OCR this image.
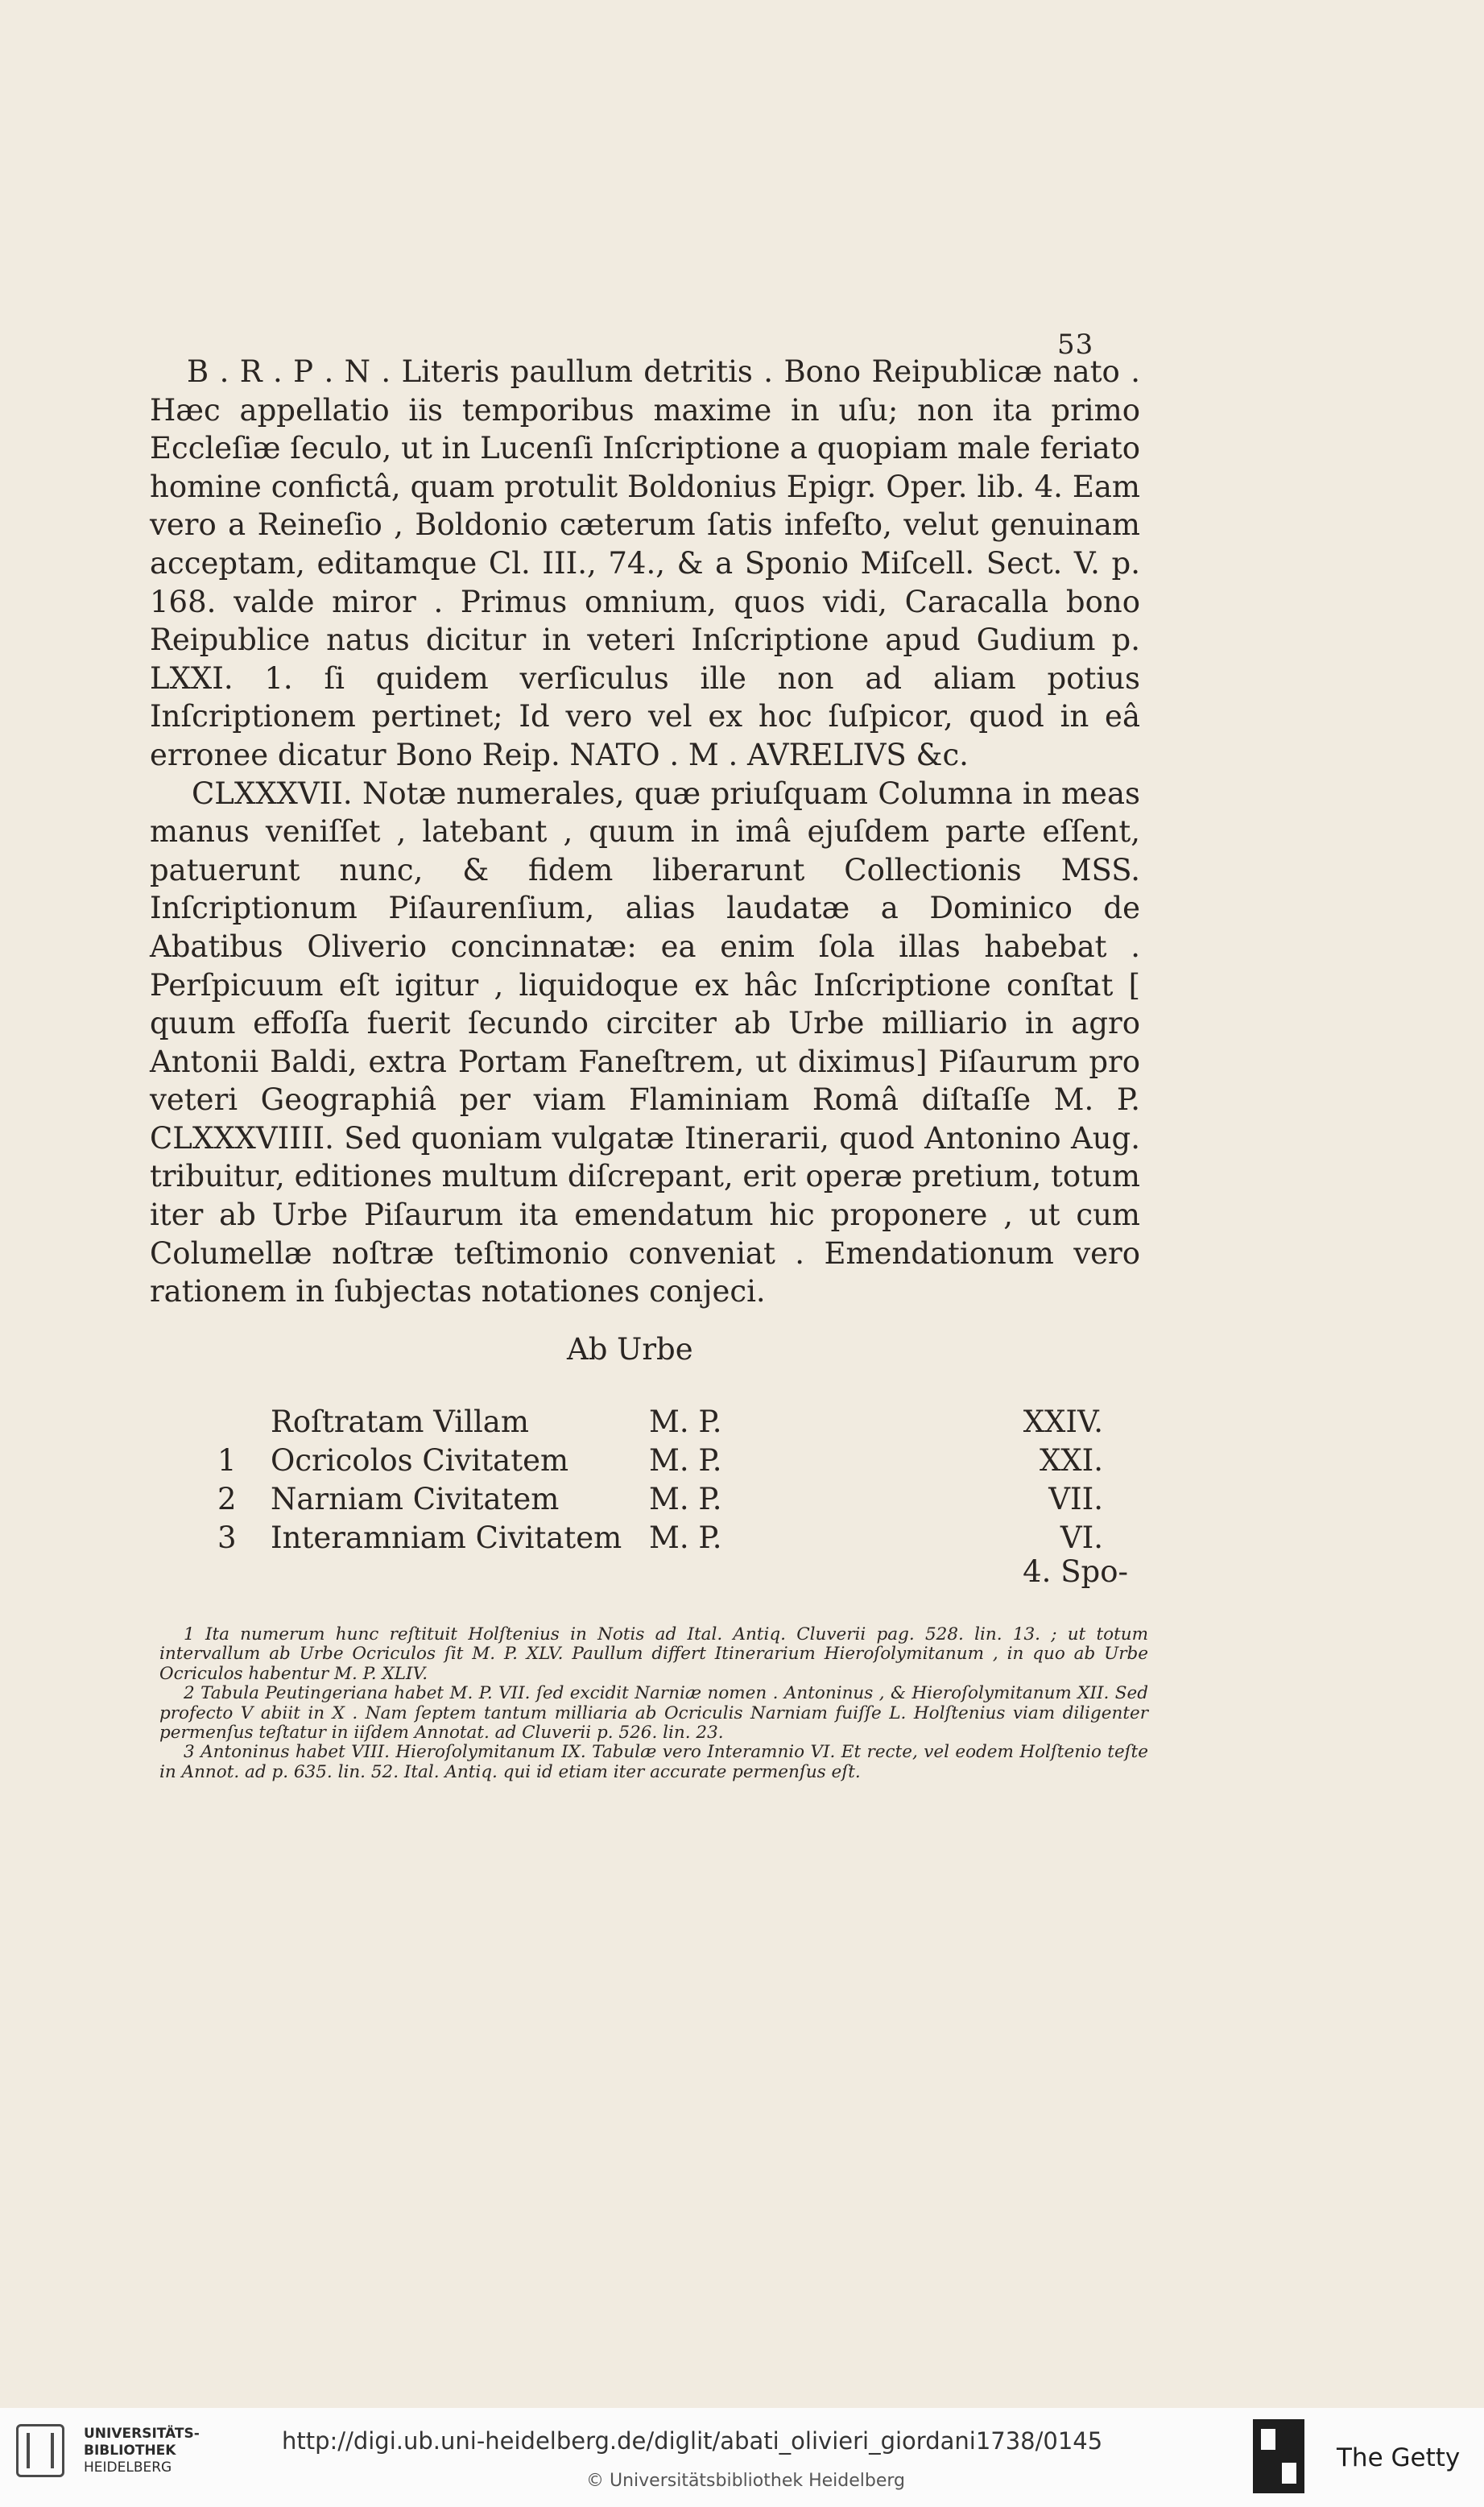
53

B . R . P . N . Literis paullum detritis . Bono Reipublicæ nato . Hæc appellatio iis temporibus maxime in uſu; non ita primo Eccleſiæ ſeculo, ut in Lucenſi Inſcriptione a quopiam male feriato homine confictâ, quam protulit Boldonius Epigr. Oper. lib. 4. Eam vero a Reineſio , Boldonio cæterum ſatis infeſto, velut genuinam acceptam, editamque Cl. III., 74., & a Sponio Miſcell. Sect. V. p. 168. valde miror . Primus omnium, quos vidi, Caracalla bono Reipublice natus dicitur in veteri Inſcriptione apud Gudium p. LXXI. 1. ſi quidem verſiculus ille non ad aliam potius Inſcriptionem pertinet; Id vero vel ex hoc ſuſpicor, quod in eâ erronee dicatur Bono Reip. NATO . M . AVRELIVS &c.

CLXXXVII. Notæ numerales, quæ priuſquam Columna in meas manus veniſſet , latebant , quum in imâ ejuſdem parte eſſent, patuerunt nunc, & fidem liberarunt Collectionis MSS. Inſcriptionum Piſaurenſium, alias laudatæ a Dominico de Abatibus Oliverio concinnatæ: ea enim ſola illas habebat . Perſpicuum eſt igitur , liquidoque ex hâc Inſcriptione conſtat [ quum effoſſa fuerit ſecundo circiter ab Urbe milliario in agro Antonii Baldi, extra Portam Faneſtrem, ut diximus] Piſaurum pro veteri Geographiâ per viam Flaminiam Româ diſtaſſe M. P. CLXXXVIIII. Sed quoniam vulgatæ Itinerarii, quod Antonino Aug. tribuitur, editiones multum diſcrepant, erit operæ pretium, totum iter ab Urbe Piſaurum ita emendatum hic proponere , ut cum Columellæ noſtræ teſtimonio conveniat . Emendationum vero rationem in ſubjectas notationes conjeci.

Ab Urbe
Roſtratam Villam	M. P.	XXIV.
1 Ocricolos Civitatem	M. P.	XXI.
2 Narniam Civitatem	M. P.	VII.
3 Interamniam Civitatem M. P.	VI.
4. Spo-

1 Ita numerum hunc reſtituit Holſtenius in Notis ad Ital. Antiq. Cluverii pag. 528. lin. 13. ; ut totum intervallum ab Urbe Ocriculos ſit M. P. XLV. Paullum differt Itinerarium Hieroſolymitanum , in quo ab Urbe Ocriculos habentur M. P. XLIV.

2 Tabula Peutingeriana habet M. P. VII. ſed excidit Narniæ nomen . Antoninus , & Hieroſolymitanum XII. Sed profecto V abiit in X . Nam ſeptem tantum milliaria ab Ocriculis Narniam fuiſſe L. Holſtenius viam diligenter permenſus teſtatur in iiſdem Annotat. ad Cluverii p. 526. lin. 23.

3 Antoninus habet VIII. Hieroſolymitanum IX. Tabulæ vero Interamnio VI. Et recte, vel eodem Holſtenio teſte in Annot. ad p. 635. lin. 52. Ital. Antiq. qui id etiam iter accurate permenſus eſt.

UNIVERSITÄTS-
BIBLIOTHEK
HEIDELBERG
http://digi.ub.uni-heidelberg.de/diglit/abati_olivieri_giordani1738/0145
© Universitätsbibliothek Heidelberg
The Getty
